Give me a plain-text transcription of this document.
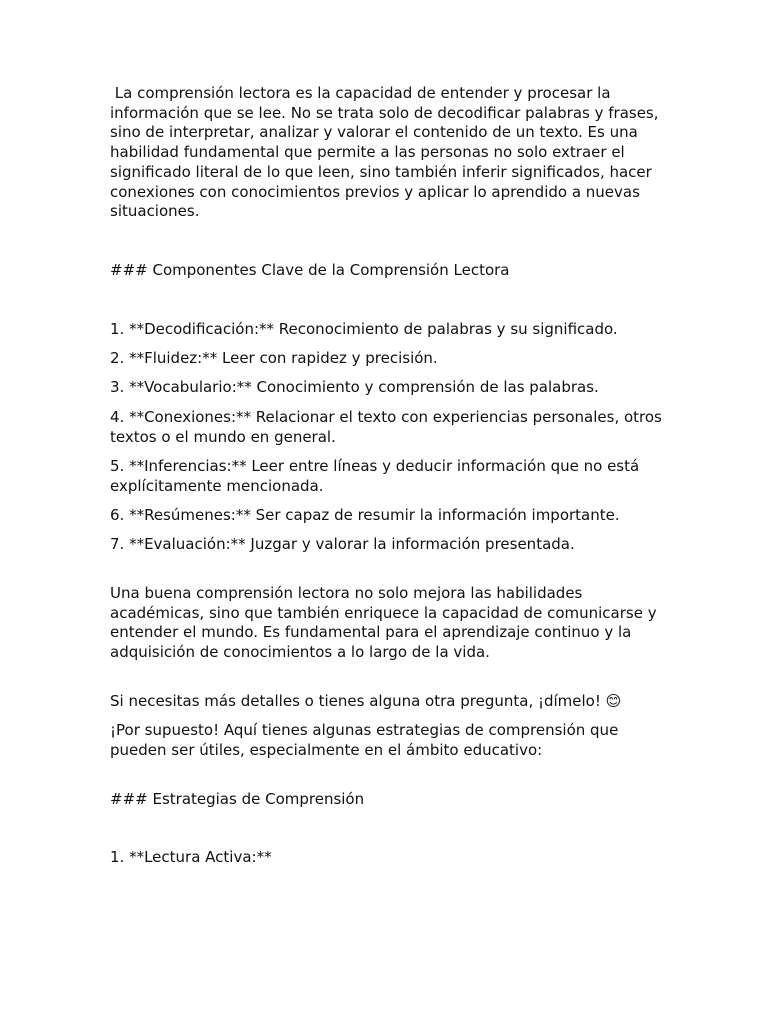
La comprensión lectora es la capacidad de entender y procesar la información que se lee. No se trata solo de decodificar palabras y frases, sino de interpretar, analizar y valorar el contenido de un texto. Es una habilidad fundamental que permite a las personas no solo extraer el significado literal de lo que leen, sino también inferir significados, hacer conexiones con conocimientos previos y aplicar lo aprendido a nuevas situaciones.

### Componentes Clave de la Comprensión Lectora

1. **Decodificación:** Reconocimiento de palabras y su significado.

2. **Fluidez:** Leer con rapidez y precisión.

3. **Vocabulario:** Conocimiento y comprensión de las palabras.

4. **Conexiones:** Relacionar el texto con experiencias personales, otros textos o el mundo en general.

5. **Inferencias:** Leer entre líneas y deducir información que no está explícitamente mencionada.

6. **Resúmenes:** Ser capaz de resumir la información importante.

7. **Evaluación:** Juzgar y valorar la información presentada.

Una buena comprensión lectora no solo mejora las habilidades académicas, sino que también enriquece la capacidad de comunicarse y entender el mundo. Es fundamental para el aprendizaje continuo y la adquisición de conocimientos a lo largo de la vida.

Si necesitas más detalles o tienes alguna otra pregunta, ¡dímelo! 😊

¡Por supuesto! Aquí tienes algunas estrategias de comprensión que pueden ser útiles, especialmente en el ámbito educativo:

### Estrategias de Comprensión

1. **Lectura Activa:**
